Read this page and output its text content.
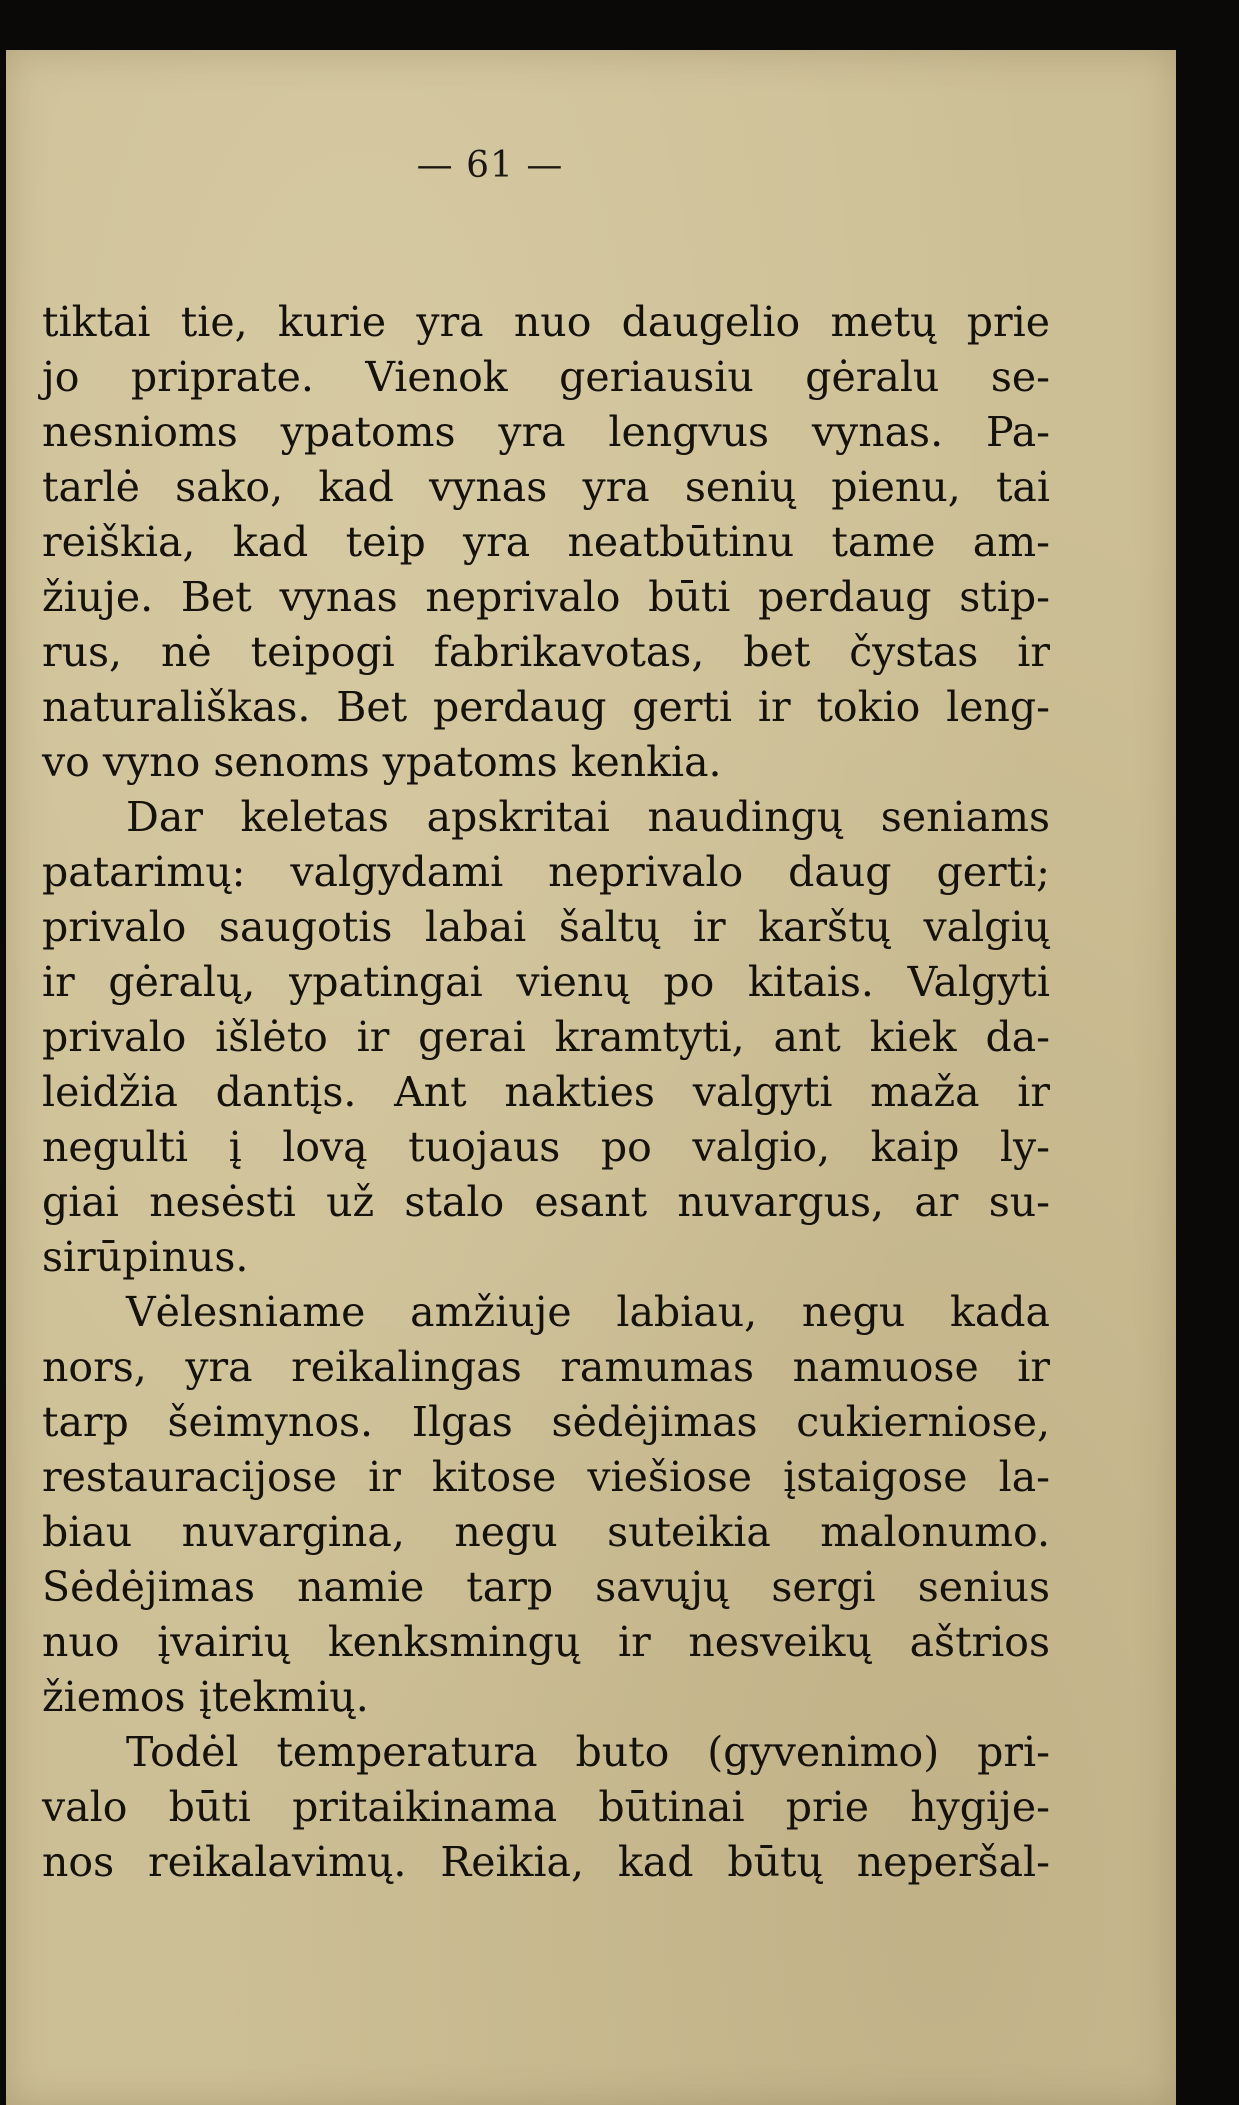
— 61 —
tiktai tie, kurie yra nuo daugelio metų prie
jo priprate. Vienok geriausiu gėralu se-
nesnioms ypatoms yra lengvus vynas. Pa-
tarlė sako, kad vynas yra senių pienu, tai
reiškia, kad teip yra neatbūtinu tame am-
žiuje. Bet vynas neprivalo būti perdaug stip-
rus, nė teipogi fabrikavotas, bet čystas ir
naturališkas. Bet perdaug gerti ir tokio leng-
vo vyno senoms ypatoms kenkia.
Dar keletas apskritai naudingų seniams
patarimų: valgydami neprivalo daug gerti;
privalo saugotis labai šaltų ir karštų valgių
ir gėralų, ypatingai vienų po kitais. Valgyti
privalo išlėto ir gerai kramtyti, ant kiek da-
leidžia dantįs. Ant nakties valgyti maža ir
negulti į lovą tuojaus po valgio, kaip ly-
giai nesėsti už stalo esant nuvargus, ar su-
sirūpinus.
Vėlesniame amžiuje labiau, negu kada
nors, yra reikalingas ramumas namuose ir
tarp šeimynos. Ilgas sėdėjimas cukierniose,
restauracijose ir kitose viešiose įstaigose la-
biau nuvargina, negu suteikia malonumo.
Sėdėjimas namie tarp savųjų sergi senius
nuo įvairių kenksmingų ir nesveikų aštrios
žiemos įtekmių.
Todėl temperatura buto (gyvenimo) pri-
valo būti pritaikinama būtinai prie hygije-
nos reikalavimų. Reikia, kad būtų neperšal-
